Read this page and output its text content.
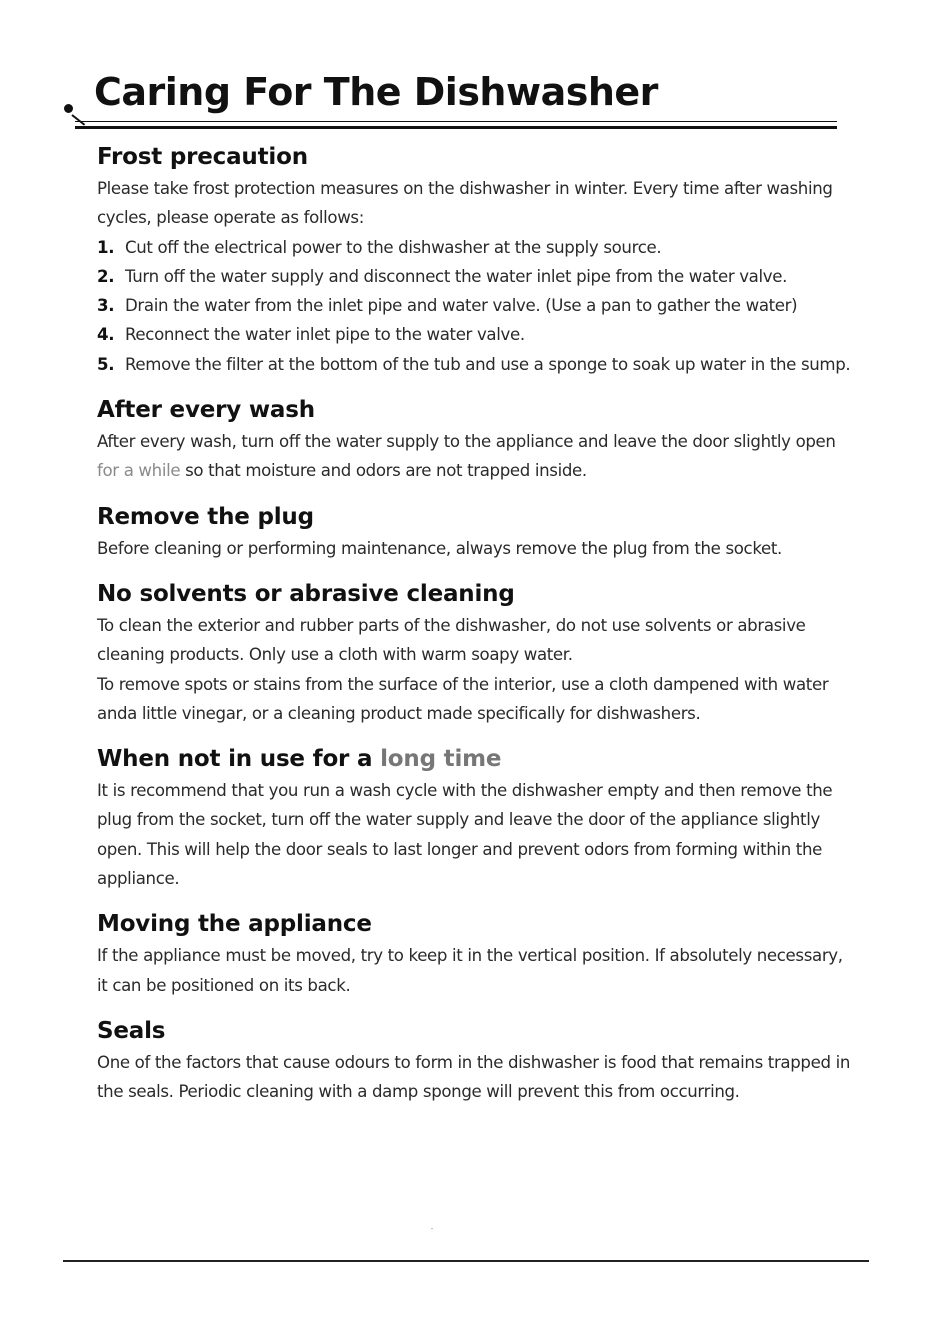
Caring For The Dishwasher
Frost precaution

Please take frost protection measures on the dishwasher in winter. Every time after washing cycles, please operate as follows:

1. Cut off the electrical power to the dishwasher at the supply source.
2. Turn off the water supply and disconnect the water inlet pipe from the water valve.
3. Drain the water from the inlet pipe and water valve. (Use a pan to gather the water)
4. Reconnect the water inlet pipe to the water valve.
5. Remove the filter at the bottom of the tub and use a sponge to soak up water in the sump.
After every wash

After every wash, turn off the water supply to the appliance and leave the door slightly open for a while so that moisture and odors are not trapped inside.

Remove the plug

Before cleaning or performing maintenance, always remove the plug from the socket.

No solvents or abrasive cleaning

To clean the exterior and rubber parts of the dishwasher, do not use solvents or abrasive cleaning products. Only use a cloth with warm soapy water.

To remove spots or stains from the surface of the interior, use a cloth dampened with water anda little vinegar, or a cleaning product made specifically for dishwashers.

When not in use for a long time

It is recommend that you run a wash cycle with the dishwasher empty and then remove the plug from the socket, turn off the water supply and leave the door of the appliance slightly open. This will help the door seals to last longer and prevent odors from forming within the appliance.

Moving the appliance

If the appliance must be moved, try to keep it in the vertical position. If absolutely necessary, it can be positioned on its back.

Seals

One of the factors that cause odours to form in the dishwasher is food that remains trapped in the seals. Periodic cleaning with a damp sponge will prevent this from occurring.
